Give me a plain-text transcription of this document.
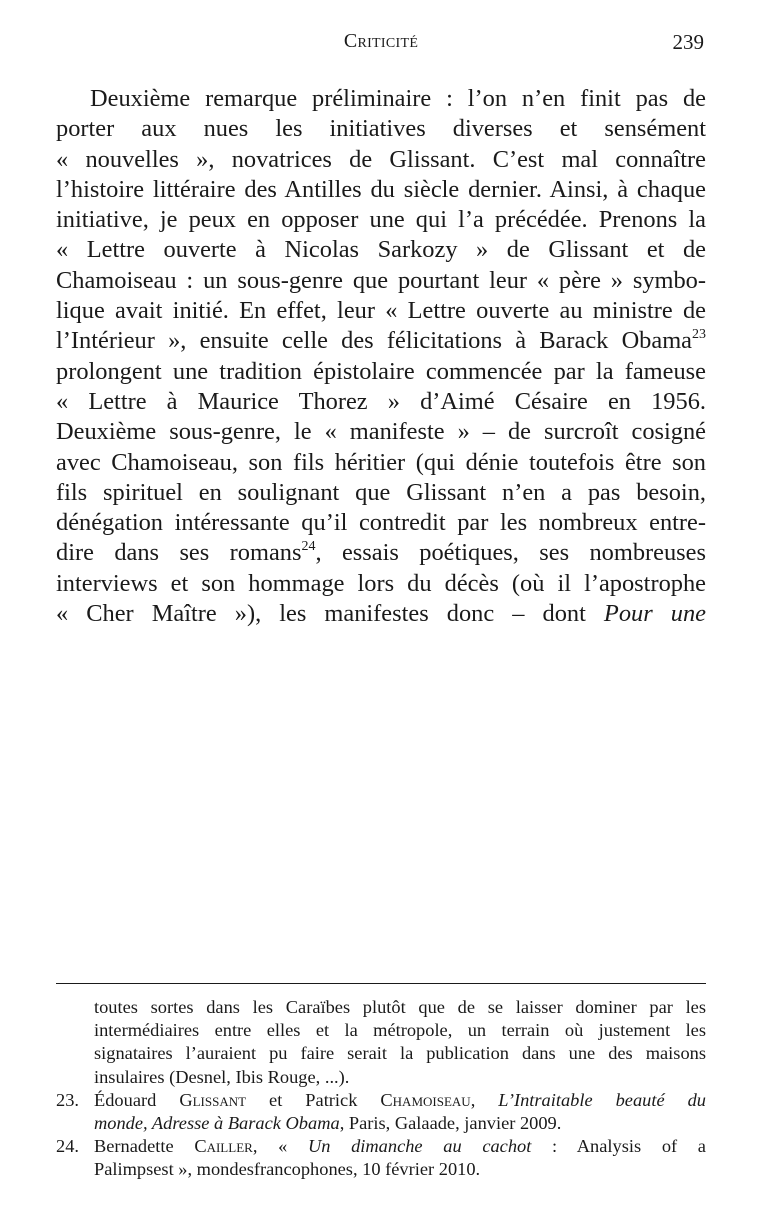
Criticité	239
Deuxième remarque préliminaire : l’on n’en finit pas de
porter aux nues les initiatives diverses et sensément
« nouvelles », novatrices de Glissant. C’est mal connaître
l’histoire littéraire des Antilles du siècle dernier. Ainsi, à chaque
initiative, je peux en opposer une qui l’a précédée. Prenons la
« Lettre ouverte à Nicolas Sarkozy » de Glissant et de
Chamoiseau : un sous-genre que pourtant leur « père » symbo-
lique avait initié. En effet, leur « Lettre ouverte au ministre de
l’Intérieur », ensuite celle des félicitations à Barack Obama$^{23}$
prolongent une tradition épistolaire commencée par la fameuse
« Lettre à Maurice Thorez » d’Aimé Césaire en 1956.
Deuxième sous-genre, le « manifeste » – de surcroît cosigné
avec Chamoiseau, son fils héritier (qui dénie toutefois être son
fils spirituel en soulignant que Glissant n’en a pas besoin,
dénégation intéressante qu’il contredit par les nombreux entre-
dire dans ses romans$^{24}$, essais poétiques, ses nombreuses
interviews et son hommage lors du décès (où il l’apostrophe
« Cher Maître »), les manifestes donc – dont Pour une
toutes sortes dans les Caraïbes plutôt que de se laisser dominer par les
intermédiaires entre elles et la métropole, un terrain où justement les
signataires l’auraient pu faire serait la publication dans une des maisons
insulaires (Desnel, Ibis Rouge, ...).
23. Édouard Glissant et Patrick Chamoiseau, L’Intraitable beauté du
monde, Adresse à Barack Obama, Paris, Galaade, janvier 2009.
24. Bernadette Cailler, « Un dimanche au cachot : Analysis of a
Palimpsest », mondesfrancophones, 10 février 2010.
